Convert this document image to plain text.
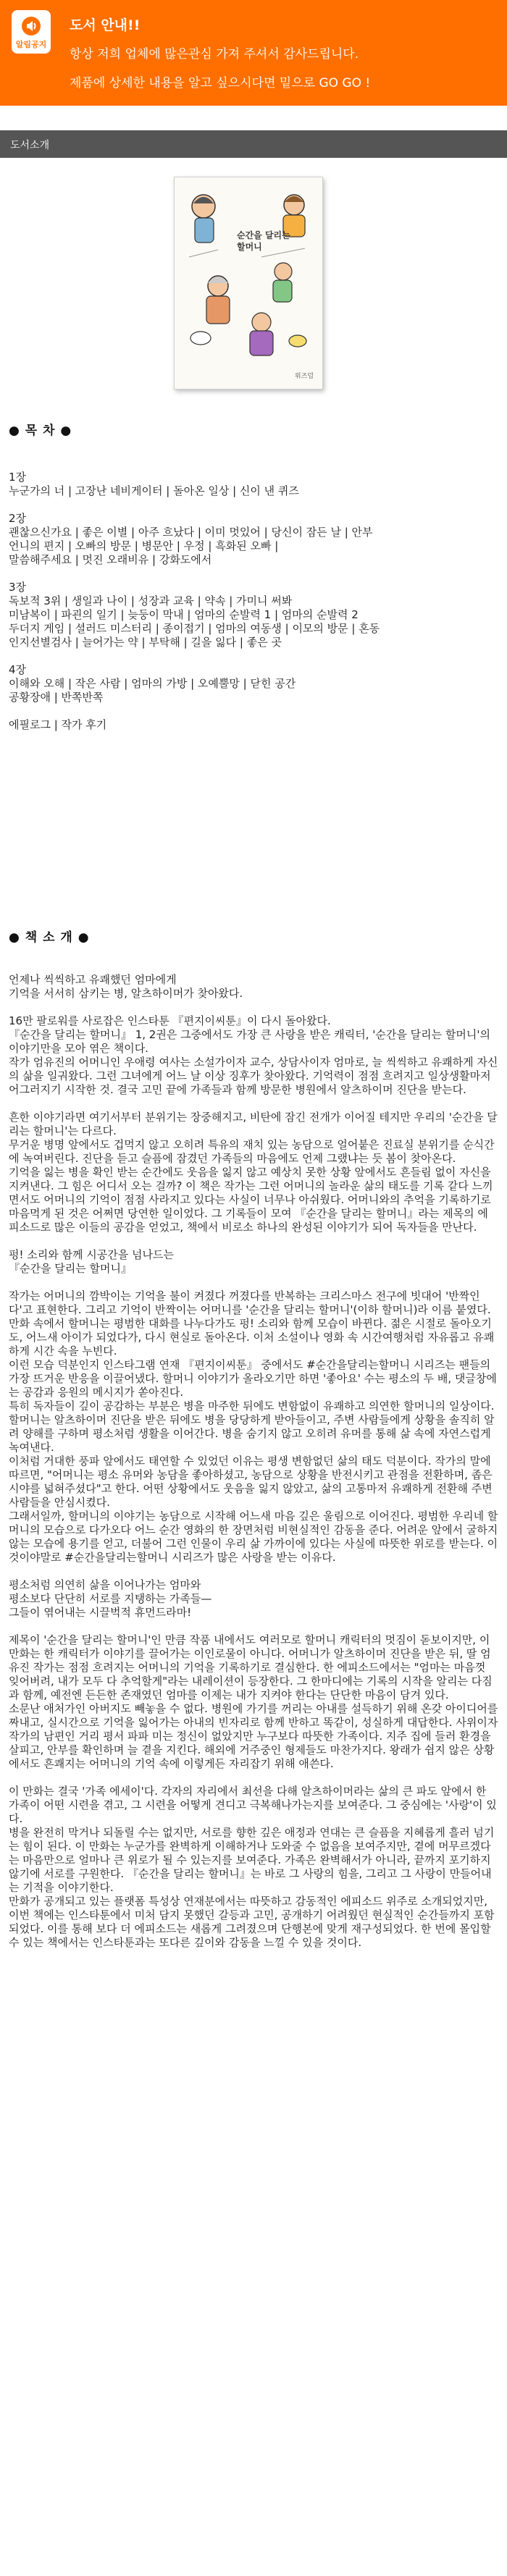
알림공지
도서 안내!!
항상 저희 업체에 많은관심 가져 주셔서 감사드립니다.
제품에 상세한 내용을 알고 싶으시다면 밑으로 GO GO !
도서소개
순간을 달리는 할머니
위즈덤
● 목 차 ●
1장
누군가의 너 | 고장난 네비게이터 | 돌아온 일상 | 신이 낸 퀴즈

2장
괜찮으신가요 | 좋은 이별 | 아주 흐났다 | 이미 멋있어 | 당신이 잠든 날 | 안부
언니의 편지 | 오빠의 방문 | 병문안 | 우정 | 흑화된 오빠 |
말씀해주세요 | 멋진 오래비유 | 강화도에서

3장
독보적 3위 | 생일과 나이 | 성장과 교육 | 약속 | 가미니 써봐
미남복이 | 파괸의 일기 | 늦둥이 막내 | 엄마의 순발력 1 | 엄마의 순발력 2
두더지 게임 | 셜러드 미스터리 | 종이접기 | 엄마의 여동생 | 이모의 방문 | 혼동
인지선별검사 | 늘어가는 약 | 부탁해 | 길을 잃다 | 좋은 곳

4장
이해와 오해 | 작은 사람 | 엄마의 가방 | 오예뿔망 | 닫힌 공간
공황장애 | 반쪽반쪽

에필로그 | 작가 후기
● 책 소 개 ●
언제나 씩씩하고 유쾌했던 엄마에게
기억을 서서히 삼키는 병, 알츠하이머가 찾아왔다.

16만 팔로워를 사로잡은 인스타툰 『편지이씨툰』이 다시 돌아왔다.
『순간을 달리는 할머니』 1, 2권은 그중에서도 가장 큰 사랑을 받은 캐릭터, '순간을 달리는 할머니'의 이야기만을 모아 엮은 책이다.
작가 엄유진의 어머니인 우애령 여사는 소설가이자 교수, 상담사이자 엄마로, 늘 씩씩하고 유쾌하게 자신의 삶을 일궈왔다. 그런 그녀에게 어느 날 이상 징후가 찾아왔다. 기억력이 점점 흐려지고 일상생활마저 어그러지기 시작한 것. 결국 고민 끝에 가족들과 함께 방문한 병원에서 알츠하이머 진단을 받는다.

흔한 이야기라면 여기서부터 분위기는 장중해지고, 비탄에 잠긴 전개가 이어질 테지만 우리의 '순간을 달리는 할머니'는 다르다.
무거운 병명 앞에서도 겁먹지 않고 오히려 특유의 재치 있는 농담으로 얼어붙은 진료실 분위기를 순식간에 녹여버린다. 진단을 듣고 슬픔에 잠겼던 가족들의 마음에도 언제 그랬냐는 듯 봄이 찾아온다.
기억을 잃는 병을 확인 받는 순간에도 웃음을 잃지 않고 예상치 못한 상황 앞에서도 흔들림 없이 자신을 지켜낸다. 그 힘은 어디서 오는 걸까? 이 책은 작가는 그런 어머니의 놀라운 삶의 태도를 기록 같다 느끼면서도 어머니의 기억이 점점 사라지고 있다는 사실이 너무나 아쉬웠다. 어머니와의 추억을 기록하기로 마음먹게 된 것은 어쩌면 당연한 일이었다. 그 기록들이 모여 『순간을 달리는 할머니』라는 제목의 에피소드로 많은 이들의 공감을 얻었고, 책에서 비로소 하나의 완성된 이야기가 되어 독자들을 만난다.

펑! 소리와 함께 시공간을 넘나드는
『순간을 달리는 할머니』

작가는 어머니의 깜박이는 기억을 불이 켜졌다 꺼졌다를 반복하는 크리스마스 전구에 빗대어 '반짝인다'고 표현한다. 그리고 기억이 반짝이는 어머니를 '순간을 달리는 할머니'(이하 할머니)라 이름 붙였다. 만화 속에서 할머니는 평범한 대화를 나누다가도 펑! 소리와 함께 모습이 바뀐다. 젊은 시절로 돌아오기도, 어느새 아이가 되었다가, 다시 현실로 돌아온다. 이처 소설이나 영화 속 시간여행처럼 자유롭고 유쾌하게 시간 속을 누빈다.
이런 모습 덕분인지 인스타그램 연재 『편지이씨툰』 중에서도 #순간을달리는할머니 시리즈는 팬들의 가장 뜨거운 반응을 이끌어냈다. 할머니 이야기가 올라오기만 하면 '좋아요' 수는 평소의 두 배, 댓글창에는 공감과 응원의 메시지가 쏟아진다.
특히 독자들이 깊이 공감하는 부분은 병을 마주한 뒤에도 변함없이 유쾌하고 의연한 할머니의 일상이다. 할머니는 알츠하이머 진단을 받은 뒤에도 병을 당당하게 받아들이고, 주변 사람들에게 상황을 솔직히 알려 양해를 구하며 평소처럼 생활을 이어간다. 병을 숨기지 않고 오히려 유머를 통해 삶 속에 자연스럽게 녹여낸다.
이처럼 거대한 풍파 앞에서도 태연할 수 있었던 이유는 평생 변함없던 삶의 태도 덕분이다. 작가의 말에 따르면, "어머니는 평소 유머와 농담을 좋아하셨고, 농담으로 상황을 반전시키고 관점을 전환하며, 좁은 시야를 넓혀주셨다"고 한다. 어떤 상황에서도 웃음을 잃지 않았고, 삶의 고통마저 유쾌하게 전환해 주변 사람들을 안심시켰다.
그래서일까, 할머니의 이야기는 농담으로 시작해 어느새 마음 깊은 울림으로 이어진다. 평범한 우리네 할머니의 모습으로 다가오다 어느 순간 영화의 한 장면처럼 비현실적인 감동을 준다. 어려운 앞에서 굴하지 않는 모습에 용기를 얻고, 더불어 그런 인물이 우리 삶 가까이에 있다는 사실에 따뜻한 위로를 받는다. 이것이야말로 #순간을달리는할머니 시리즈가 많은 사랑을 받는 이유다.

평소처럼 의연히 삶을 이어나가는 엄마와
평소보다 단단히 서로를 지탱하는 가족들—
그들이 엮어내는 시끌벅적 휴먼드라마!

제목이 '순간을 달리는 할머니'인 만큼 작품 내에서도 여러모로 할머니 캐릭터의 멋짐이 돋보이지만, 이 만화는 한 캐릭터가 이야기를 끌어가는 이인로물이 아니다. 어머니가 알츠하이머 진단을 받은 뒤, 딸 엄유진 작가는 점점 흐려지는 어머니의 기억을 기록하기로 결심한다. 한 에피소드에서는 "엄마는 마음껏 잊어버려, 내가 모두 다 추억할게"라는 내레이션이 등장한다. 그 한마디에는 기록의 시작을 알리는 다짐과 함께, 예전엔 든든한 존재였던 엄마를 이제는 내가 지켜야 한다는 단단한 마음이 담겨 있다.
소문난 애처가인 아버지도 빼놓을 수 없다. 병원에 가기를 꺼리는 아내를 설득하기 위해 온갖 아이디어를 짜내고, 실시간으로 기억을 잃어가는 아내의 빈자리로 함께 반하고 똑같이, 성실하게 대답한다. 사위이자 작가의 남편인 거리 평서 파파 미는 정신이 없았지만 누구보다 따뜻한 가족이다. 지주 집에 들러 환경을 살피고, 안부를 확인하며 늘 곁을 지킨다. 해외에 거주중인 형제들도 마찬가지다. 왕래가 쉽지 않은 상황에서도 흔쾌지는 어머니의 기억 속에 이렇게든 자리잡기 위해 애쓴다.

이 만화는 결국 '가족 에세이'다. 각자의 자리에서 최선을 다해 알츠하이머라는 삶의 큰 파도 앞에서 한 가족이 어떤 시련을 겪고, 그 시련을 어떻게 견디고 극복해나가는지를 보여준다. 그 중심에는 '사랑'이 있다.
병을 완전히 막거나 되돌릴 수는 없지만, 서로를 향한 깊은 애정과 연대는 큰 슬픔을 지혜롭게 흘러 넘기는 힘이 된다. 이 만화는 누군가를 완벽하게 이해하거나 도와줄 수 없음을 보여주지만, 곁에 머무르겠다는 마음만으로 얼마나 큰 위로가 될 수 있는지를 보여준다. 가족은 완벽해서가 아니라, 끝까지 포기하지 않기에 서로를 구원한다. 『순간을 달리는 할머니』는 바로 그 사랑의 힘을, 그리고 그 사랑이 만들어내는 기적을 이야기한다.
만화가 공개되고 있는 플랫폼 특성상 연재분에서는 따뜻하고 감동적인 에피소드 위주로 소개되었지만, 이번 책에는 인스타툰에서 미처 담지 못했던 갈등과 고민, 공개하기 어려웠던 현실적인 순간들까지 포함되었다. 이를 통해 보다 더 에피소드는 새롭게 그려졌으며 단행본에 맞게 재구성되었다. 한 번에 몰입할 수 있는 책에서는 인스타툰과는 또다른 깊이와 감동을 느낄 수 있을 것이다.
